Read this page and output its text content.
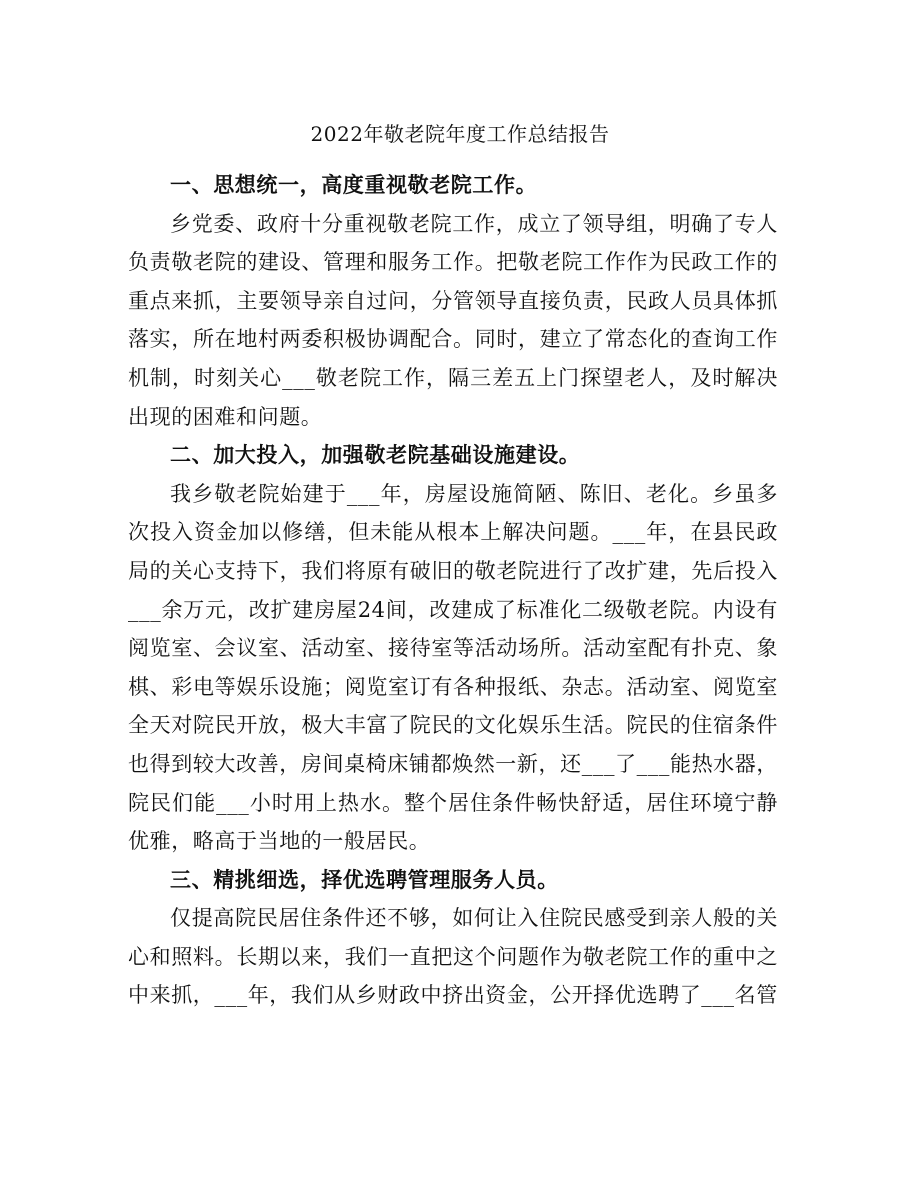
2022年敬老院年度工作总结报告
一、思想统一，高度重视敬老院工作。

乡党委、政府十分重视敬老院工作，成立了领导组，明确了专人负责敬老院的建设、管理和服务工作。把敬老院工作作为民政工作的重点来抓，主要领导亲自过问，分管领导直接负责，民政人员具体抓落实，所在地村两委积极协调配合。同时，建立了常态化的查询工作机制，时刻关心___敬老院工作，隔三差五上门探望老人，及时解决出现的困难和问题。

二、加大投入，加强敬老院基础设施建设。

我乡敬老院始建于___年，房屋设施简陋、陈旧、老化。乡虽多次投入资金加以修缮，但未能从根本上解决问题。___年，在县民政局的关心支持下，我们将原有破旧的敬老院进行了改扩建，先后投入___余万元，改扩建房屋24间，改建成了标准化二级敬老院。内设有阅览室、会议室、活动室、接待室等活动场所。活动室配有扑克、象棋、彩电等娱乐设施；阅览室订有各种报纸、杂志。活动室、阅览室全天对院民开放，极大丰富了院民的文化娱乐生活。院民的住宿条件也得到较大改善，房间桌椅床铺都焕然一新，还___了___能热水器，院民们能___小时用上热水。整个居住条件畅快舒适，居住环境宁静优雅，略高于当地的一般居民。

三、精挑细选，择优选聘管理服务人员。

仅提高院民居住条件还不够，如何让入住院民感受到亲人般的关心和照料。长期以来，我们一直把这个问题作为敬老院工作的重中之中来抓，___年，我们从乡财政中挤出资金，公开择优选聘了___名管
